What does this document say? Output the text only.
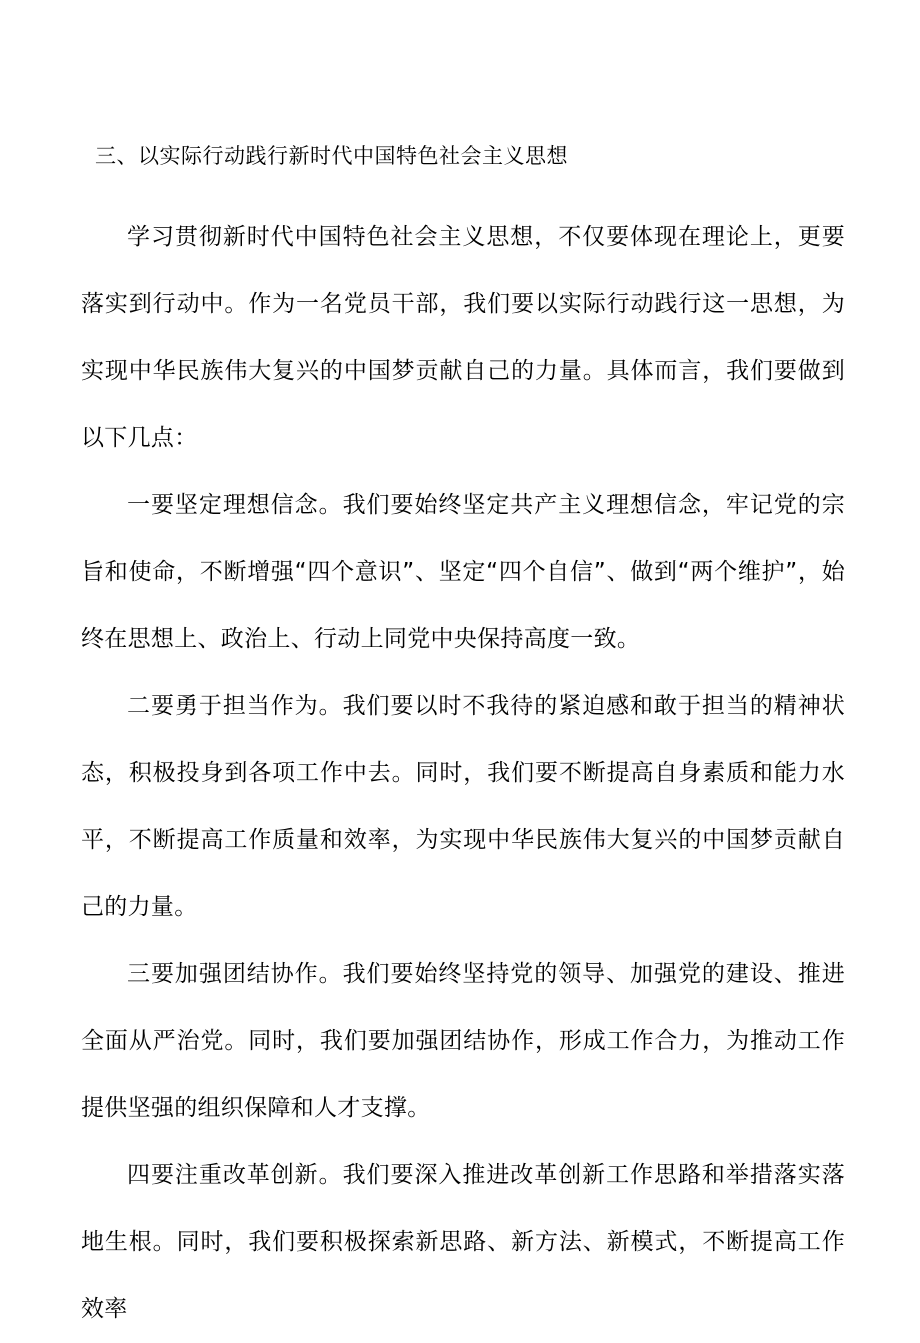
三、以实际行动践行新时代中国特色社会主义思想

学习贯彻新时代中国特色社会主义思想，不仅要体现在理论上，更要落实到行动中。作为一名党员干部，我们要以实际行动践行这一思想，为实现中华民族伟大复兴的中国梦贡献自己的力量。具体而言，我们要做到以下几点：

一要坚定理想信念。我们要始终坚定共产主义理想信念，牢记党的宗旨和使命，不断增强“四个意识”、坚定“四个自信”、做到“两个维护”，始终在思想上、政治上、行动上同党中央保持高度一致。

二要勇于担当作为。我们要以时不我待的紧迫感和敢于担当的精神状态，积极投身到各项工作中去。同时，我们要不断提高自身素质和能力水平，不断提高工作质量和效率，为实现中华民族伟大复兴的中国梦贡献自己的力量。

三要加强团结协作。我们要始终坚持党的领导、加强党的建设、推进全面从严治党。同时，我们要加强团结协作，形成工作合力，为推动工作提供坚强的组织保障和人才支撑。

四要注重改革创新。我们要深入推进改革创新工作思路和举措落实落地生根。同时，我们要积极探索新思路、新方法、新模式，不断提高工作效率
